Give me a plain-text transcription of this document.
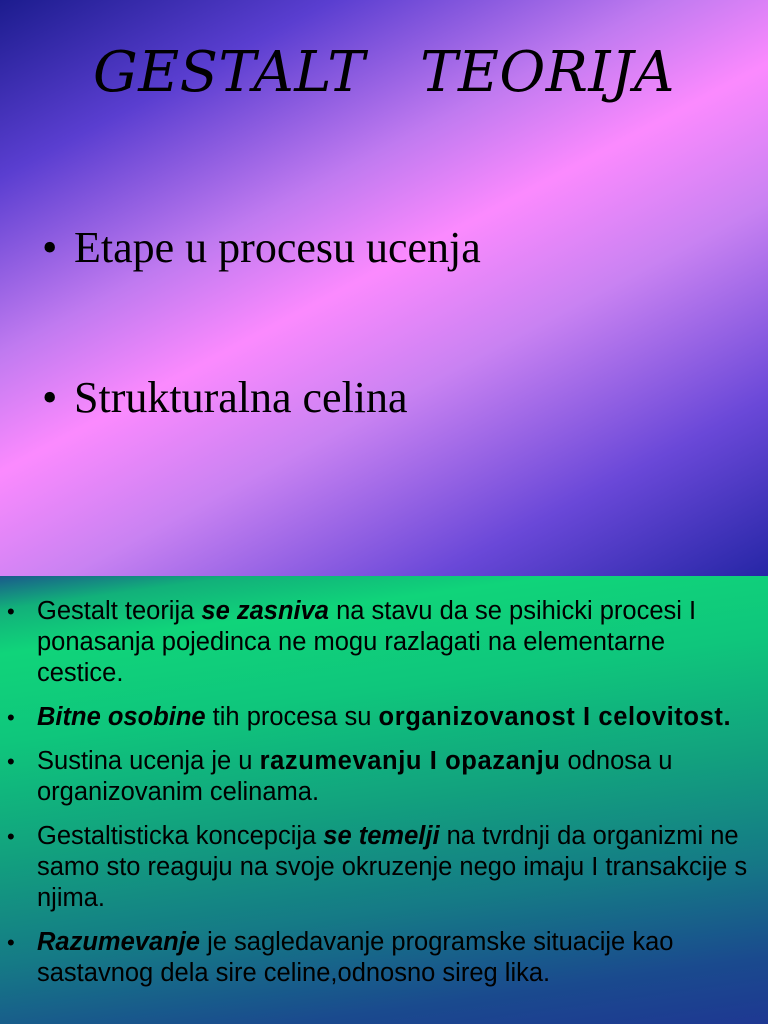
GESTALT   TEORIJA
• Etape u procesu ucenja
• Strukturalna celina
• Gestalt teorija se zasniva na stavu da se psihicki procesi I ponasanja pojedinca ne mogu razlagati na elementarne cestice.
• Bitne osobine tih procesa su organizovanost I celovitost.
• Sustina ucenja je u razumevanju I opazanju odnosa u organizovanim celinama.
• Gestaltisticka koncepcija se temelji na tvrdnji da organizmi ne samo sto reaguju na svoje okruzenje nego imaju I transakcije s njima.
• Razumevanje je sagledavanje programske situacije kao sastavnog dela sire celine,odnosno sireg lika.
